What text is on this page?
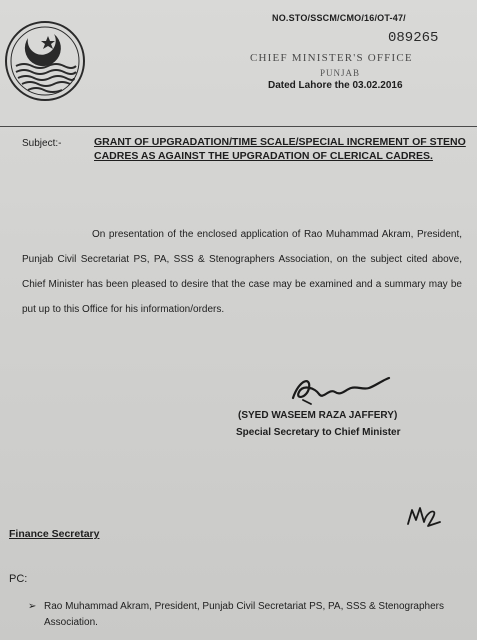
NO.STO/SSCM/CMO/16/OT-47/
089265
CHIEF MINISTER'S OFFICE
PUNJAB
Dated Lahore the 03.02.2016
Subject:-	GRANT OF UPGRADATION/TIME SCALE/SPECIAL INCREMENT OF STENO CADRES AS AGAINST THE UPGRADATION OF CLERICAL CADRES.
On presentation of the enclosed application of Rao Muhammad Akram, President, Punjab Civil Secretariat PS, PA, SSS & Stenographers Association, on the subject cited above, Chief Minister has been pleased to desire that the case may be examined and a summary may be put up to this Office for his information/orders.
(SYED WASEEM RAZA JAFFERY)
Special Secretary to Chief Minister
Finance Secretary
PC:
➢ Rao Muhammad Akram, President, Punjab Civil Secretariat PS, PA, SSS & Stenographers Association.
